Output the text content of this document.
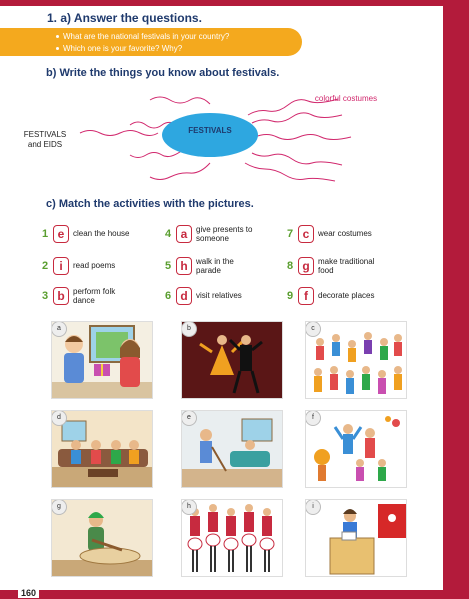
160
1. a) Answer the questions.
What are the national festivals in your country?
Which one is your favorite? Why?
b) Write the things you know about festivals.
FESTIVALS
FESTIVALS
and EIDS
colorful costumes
c) Match the activities with the pictures.
1 e	clean the house
2 i	read poems
3 b	perform folk
dance
4 a	give presents to
someone
5 h	walk in the
parade
6 d	visit relatives
7 c	wear costumes
8 g	make traditional
food
9 f	decorate places
a	b	c
d	e	f
g	h	i
